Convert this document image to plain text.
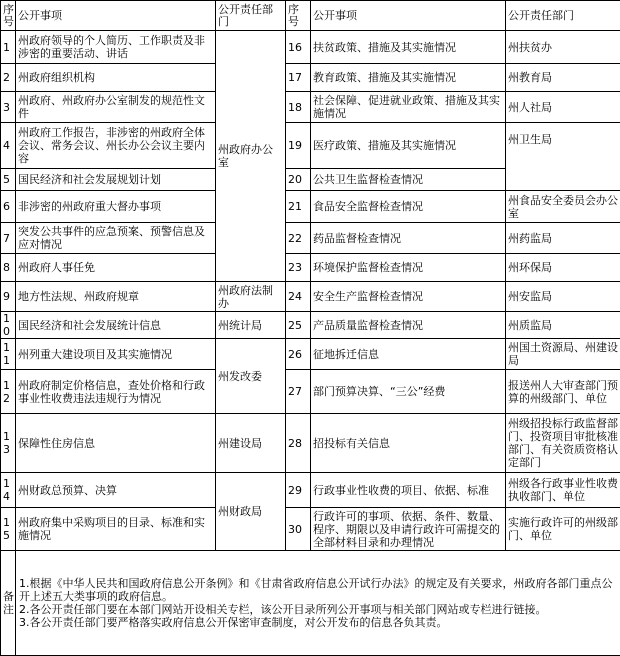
序号	公开事项	公开责任部门	序号	公开事项	公开责任部门
1	州政府领导的个人简历、工作职责及非涉密的重要活动、讲话	州政府办公室	16	扶贫政策、措施及其实施情况	州扶贫办
2	州政府组织机构		17	教育政策、措施及其实施情况	州教育局
3	州政府、州政府办公室制发的规范性文件		18	社会保障、促进就业政策、措施及其实施情况	州人社局
4	州政府工作报告，非涉密的州政府全体会议、常务会议、州长办公会议主要内容		19	医疗政策、措施及其实施情况	州卫生局
5	国民经济和社会发展规划计划		20	公共卫生监督检查情况	
6	非涉密的州政府重大督办事项		21	食品安全监督检查情况	州食品安全委员会办公室
7	突发公共事件的应急预案、预警信息及应对情况		22	药品监督检查情况	州药监局
8	州政府人事任免		23	环境保护监督检查情况	州环保局
9	地方性法规、州政府规章	州政府法制办	24	安全生产监督检查情况	州安监局
10	国民经济和社会发展统计信息	州统计局	25	产品质量监督检查情况	州质监局
11	州列重大建设项目及其实施情况	州发改委	26	征地拆迁信息	州国土资源局、州建设局
12	州政府制定价格信息，查处价格和行政事业性收费违法违规行为情况		27	部门预算决算、“三公”经费	报送州人大审查部门预算的州级部门、单位
13	保障性住房信息	州建设局	28	招投标有关信息	州级招投标行政监督部门、投资项目审批核准部门、有关资质资格认定部门
14	州财政总预算、决算	州财政局	29	行政事业性收费的项目、依据、标准	州级各行政事业性收费执收部门、单位
15	州政府集中采购项目的目录、标准和实施情况		30	行政许可的事项、依据、条件、数量、程序、期限以及申请行政许可需提交的全部材料目录和办理情况	实施行政许可的州级部门、单位
备注	1.根据《中华人民共和国政府信息公开条例》和《甘肃省政府信息公开试行办法》的规定及有关要求，州政府各部门重点公开上述五大类事项的政府信息。
2.各公开责任部门要在本部门网站开设相关专栏，该公开目录所列公开事项与相关部门网站或专栏进行链接。
3.各公开责任部门要严格落实政府信息公开保密审查制度，对公开发布的信息各负其责。				
